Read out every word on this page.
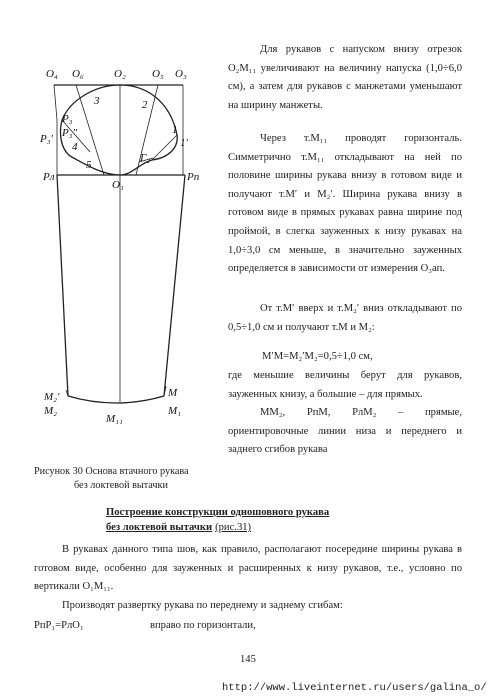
О₄ О₆	О₂ О₅ О₃
3	2
1
1′
Р₃
Р₃′ Р₃″
4
5
Г₂
Рл
О₁
Рп
М₂′
М₂
М₁₁
М
М₁
Для рукавов с напуском внизу отрезок О₂М₁₁ увеличивают на величину напуска (1,0÷6,0 см), а затем для рукавов с манжетами уменьшают на ширину манжеты.
Через т.М₁₁ проводят горизонталь. Симметрично т.М₁₁ откладывают на ней по половине ширины рукава внизу в готовом виде и получают т.М′ и М₂′. Ширина рукава внизу в готовом виде в прямых рукавах равна ширине под проймой, в слегка зауженных к низу рукавах на 1,0÷3,0 см меньше, в значительно зауженных определяется в зависимости от измерения О₃ап.
От т.М′ вверх и т.М₂′ вниз откладывают по 0,5÷1,0 см и получают т.М и М₂:
М′М=М₂′М₂=0,5÷1,0 см,
где меньшие величины берут для рукавов, зауженных книзу, а большие – для прямых.
ММ₂, РпМ, РлМ₂ – прямые, ориентировочные линии низа и переднего и заднего сгибов рукава
Рисунок 30 Основа втачного рукава
без локтевой вытачки
Построение конструкции одношовного рукава
без локтевой вытачки (рис.31)
В рукавах данного типа шов, как правило, располагают посередине ширины рукава в готовом виде, особенно для зауженных и расширенных к низу рукавов, т.е., условно по вертикали О₁М₁₁.
Производят развертку рукава по переднему и заднему сгибам:
РпР₁=РлО₁	вправо по горизонтали,
145
http://www.liveinternet.ru/users/galina_o/
